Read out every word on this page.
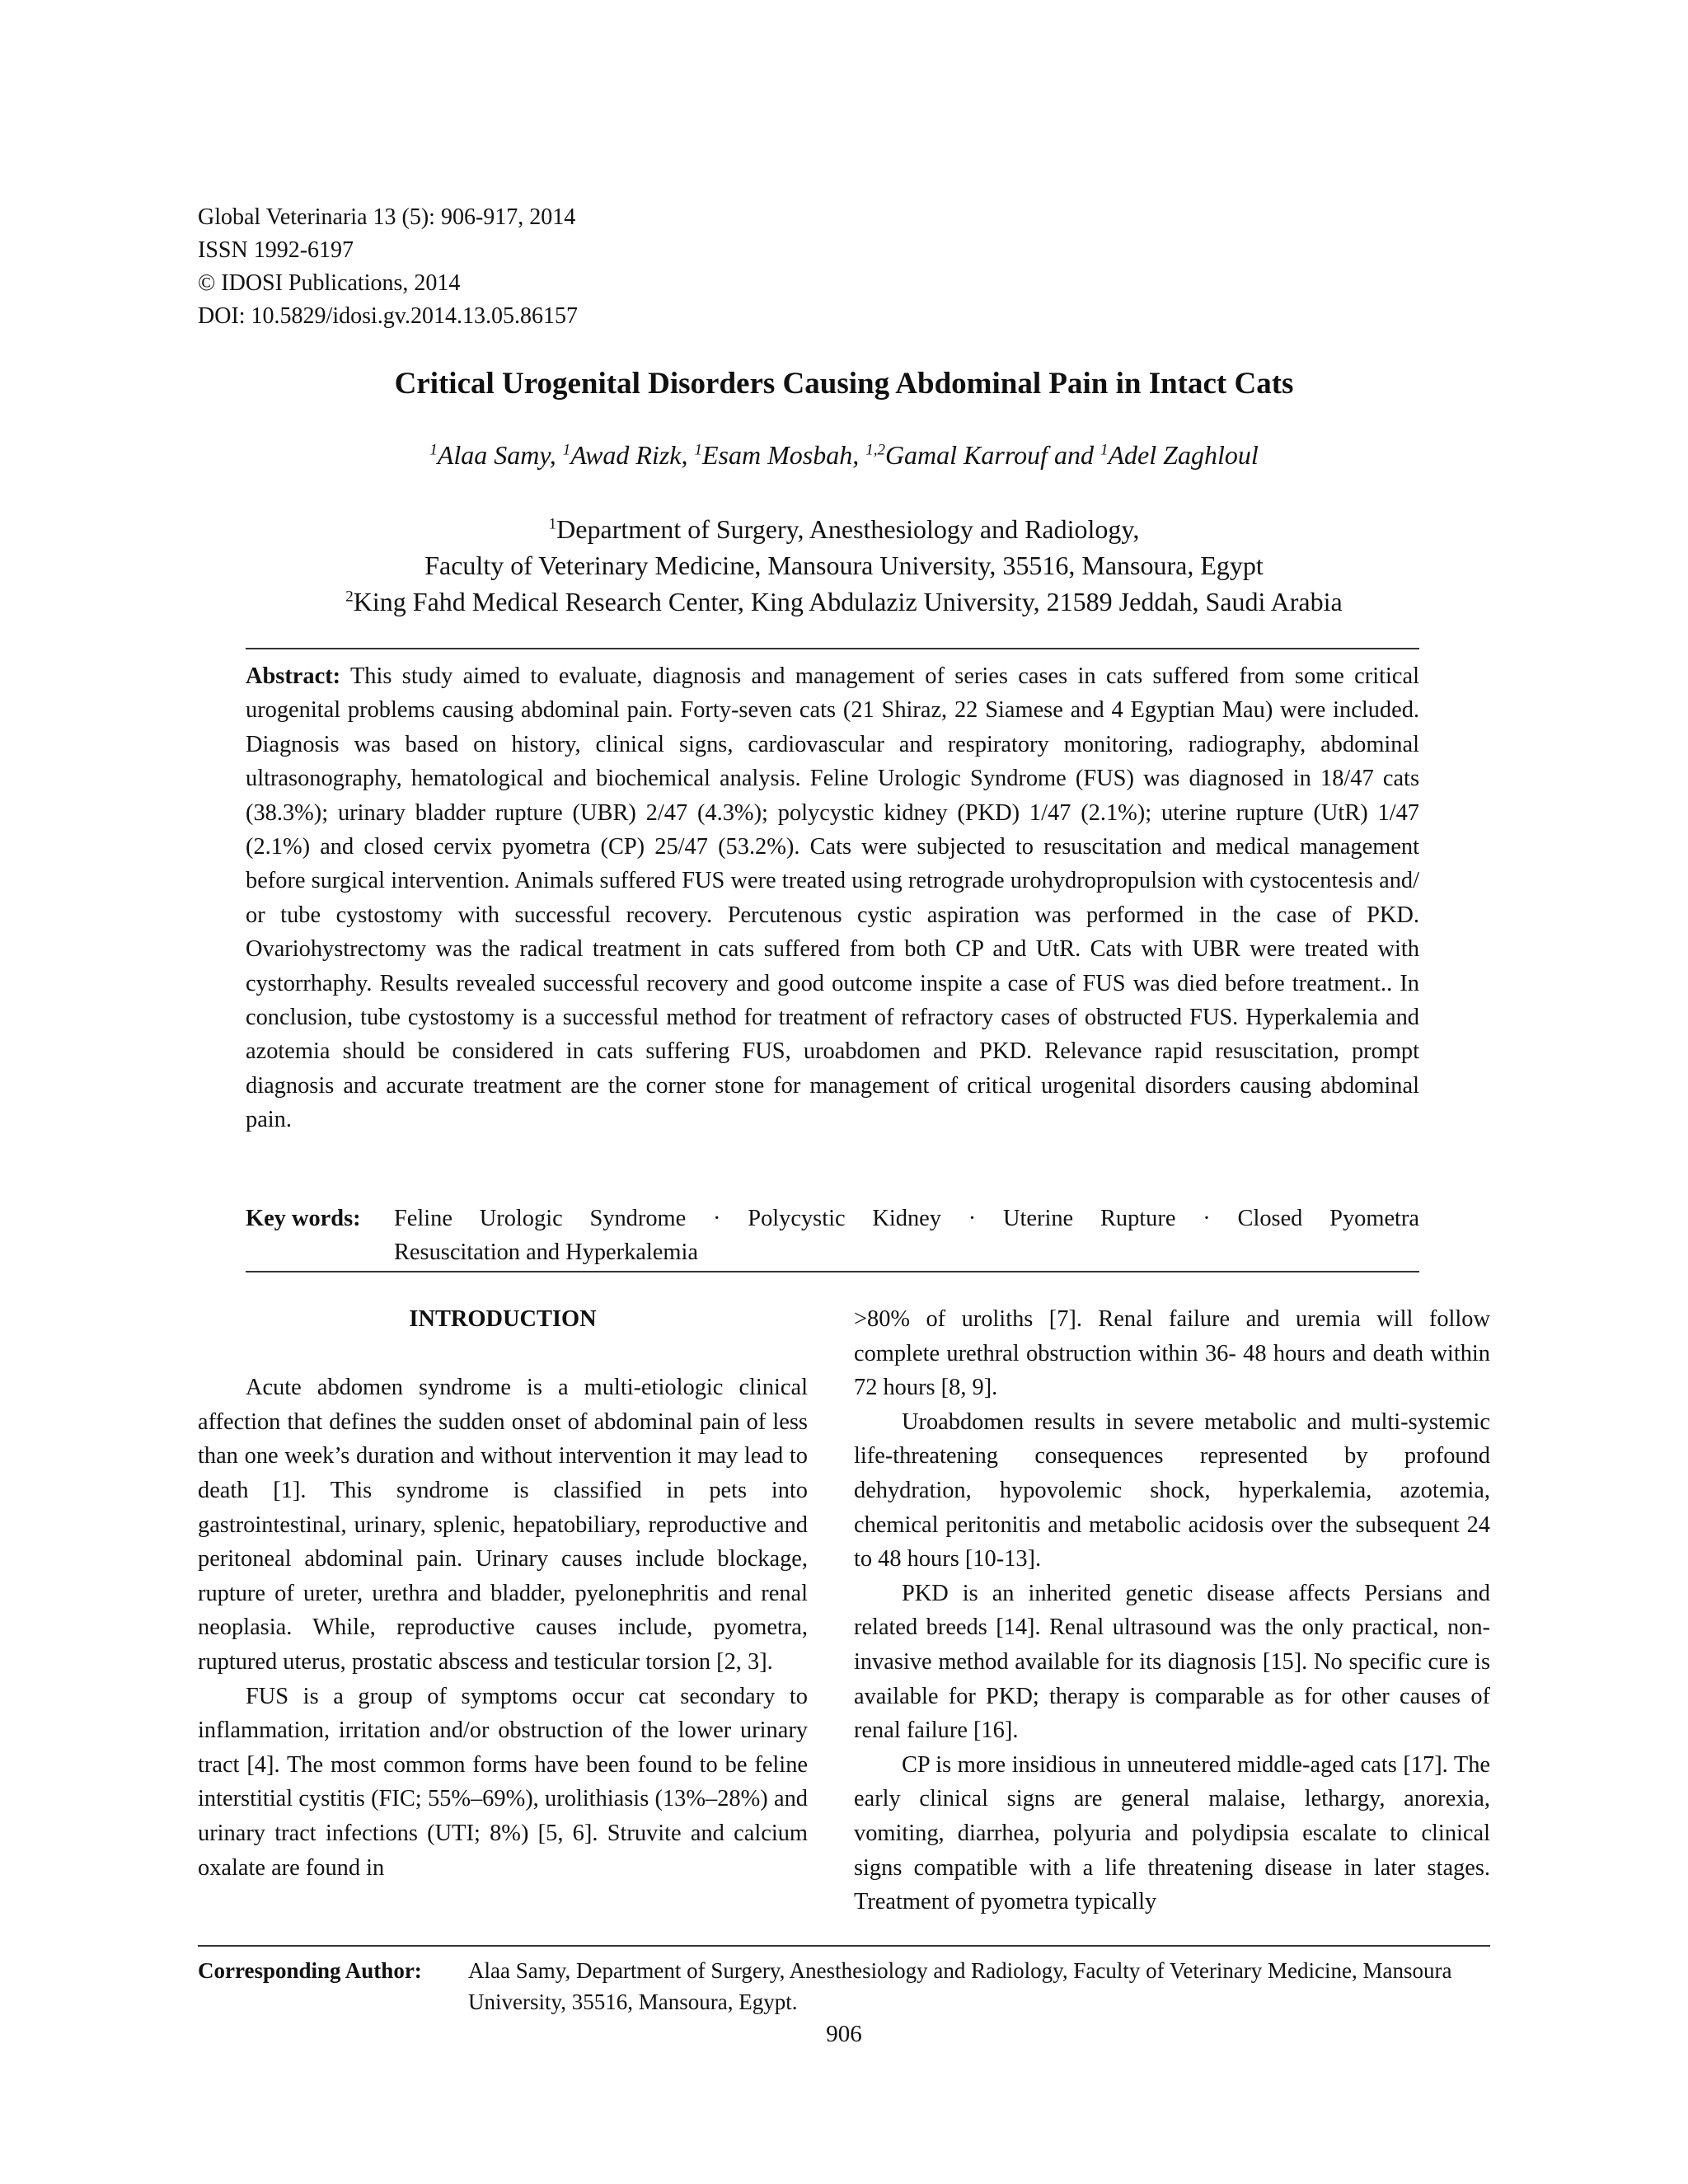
Global Veterinaria 13 (5): 906-917, 2014
ISSN 1992-6197
© IDOSI Publications, 2014
DOI: 10.5829/idosi.gv.2014.13.05.86157
Critical Urogenital Disorders Causing Abdominal Pain in Intact Cats
$^1$Alaa Samy, $^1$Awad Rizk, $^1$Esam Mosbah, $^{1,2}$Gamal Karrouf and $^1$Adel Zaghloul
$^1$Department of Surgery, Anesthesiology and Radiology,
Faculty of Veterinary Medicine, Mansoura University, 35516, Mansoura, Egypt
$^2$King Fahd Medical Research Center, King Abdulaziz University, 21589 Jeddah, Saudi Arabia
Abstract: This study aimed to evaluate, diagnosis and management of series cases in cats suffered from some critical urogenital problems causing abdominal pain. Forty-seven cats (21 Shiraz, 22 Siamese and 4 Egyptian Mau) were included. Diagnosis was based on history, clinical signs, cardiovascular and respiratory monitoring, radiography, abdominal ultrasonography, hematological and biochemical analysis. Feline Urologic Syndrome (FUS) was diagnosed in 18/47 cats (38.3%); urinary bladder rupture (UBR) 2/47 (4.3%); polycystic kidney (PKD) 1/47 (2.1%); uterine rupture (UtR) 1/47 (2.1%) and closed cervix pyometra (CP) 25/47 (53.2%). Cats were subjected to resuscitation and medical management before surgical intervention. Animals suffered FUS were treated using retrograde urohydropropulsion with cystocentesis and/ or tube cystostomy with successful recovery. Percutenous cystic aspiration was performed in the case of PKD. Ovariohystrectomy was the radical treatment in cats suffered from both CP and UtR. Cats with UBR were treated with cystorrhaphy. Results revealed successful recovery and good outcome inspite a case of FUS was died before treatment.. In conclusion, tube cystostomy is a successful method for treatment of refractory cases of obstructed FUS. Hyperkalemia and azotemia should be considered in cats suffering FUS, uroabdomen and PKD. Relevance rapid resuscitation, prompt diagnosis and accurate treatment are the corner stone for management of critical urogenital disorders causing abdominal pain.
Key words: Feline Urologic Syndrome · Polycystic Kidney · Uterine Rupture · Closed Pyometra
Resuscitation and Hyperkalemia

INTRODUCTION

Acute abdomen syndrome is a multi-etiologic clinical affection that defines the sudden onset of abdominal pain of less than one week’s duration and without intervention it may lead to death [1]. This syndrome is classified in pets into gastrointestinal, urinary, splenic, hepatobiliary, reproductive and peritoneal abdominal pain. Urinary causes include blockage, rupture of ureter, urethra and bladder, pyelonephritis and renal neoplasia. While, reproductive causes include, pyometra, ruptured uterus, prostatic abscess and testicular torsion [2, 3].

FUS is a group of symptoms occur cat secondary to inflammation, irritation and/or obstruction of the lower urinary tract [4]. The most common forms have been found to be feline interstitial cystitis (FIC; 55%–69%), urolithiasis (13%–28%) and urinary tract infections (UTI; 8%) [5, 6]. Struvite and calcium oxalate are found in

>80% of uroliths [7]. Renal failure and uremia will follow complete urethral obstruction within 36- 48 hours and death within 72 hours [8, 9].

Uroabdomen results in severe metabolic and multi-systemic life-threatening consequences represented by profound dehydration, hypovolemic shock, hyperkalemia, azotemia, chemical peritonitis and metabolic acidosis over the subsequent 24 to 48 hours [10-13].

PKD is an inherited genetic disease affects Persians and related breeds [14]. Renal ultrasound was the only practical, non-invasive method available for its diagnosis [15]. No specific cure is available for PKD; therapy is comparable as for other causes of renal failure [16].

CP is more insidious in unneutered middle-aged cats [17]. The early clinical signs are general malaise, lethargy, anorexia, vomiting, diarrhea, polyuria and polydipsia escalate to clinical signs compatible with a life threatening disease in later stages. Treatment of pyometra typically

Corresponding Author: Alaa Samy, Department of Surgery, Anesthesiology and Radiology, Faculty of Veterinary Medicine, Mansoura University, 35516, Mansoura, Egypt.
906
